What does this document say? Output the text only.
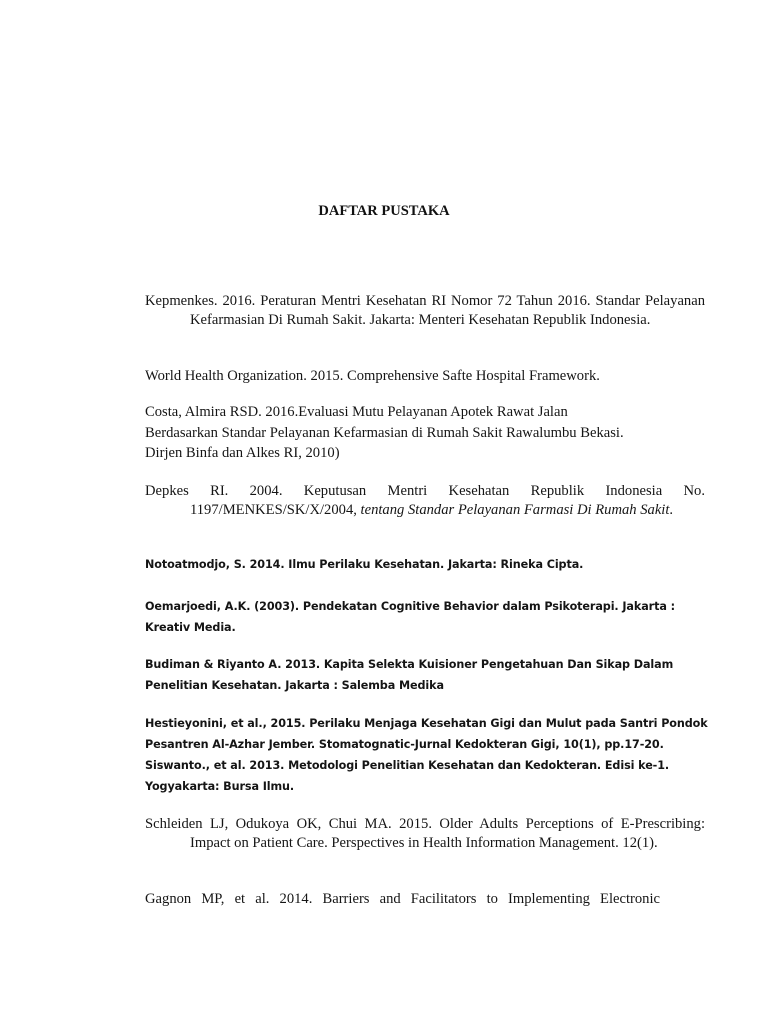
DAFTAR PUSTAKA
Kepmenkes. 2016. Peraturan Mentri Kesehatan RI Nomor 72 Tahun 2016. Standar Pelayanan Kefarmasian Di Rumah Sakit. Jakarta: Menteri Kesehatan Republik Indonesia.
World Health Organization. 2015. Comprehensive Safte Hospital Framework.
Costa, Almira RSD. 2016.Evaluasi Mutu Pelayanan Apotek Rawat Jalan
Berdasarkan Standar Pelayanan Kefarmasian di Rumah Sakit Rawalumbu Bekasi.
Dirjen Binfa dan Alkes RI, 2010)
Depkes RI. 2004. Keputusan Mentri Kesehatan Republik Indonesia No. 1197/MENKES/SK/X/2004, tentang Standar Pelayanan Farmasi Di Rumah Sakit.
Notoatmodjo, S. 2014. Ilmu Perilaku Kesehatan. Jakarta: Rineka Cipta.
Oemarjoedi, A.K. (2003). Pendekatan Cognitive Behavior dalam Psikoterapi. Jakarta :
Kreativ Media.
Budiman & Riyanto A. 2013. Kapita Selekta Kuisioner Pengetahuan Dan Sikap Dalam
Penelitian Kesehatan. Jakarta : Salemba Medika
Hestieyonini, et al., 2015. Perilaku Menjaga Kesehatan Gigi dan Mulut pada Santri Pondok
Pesantren Al-Azhar Jember. Stomatognatic-Jurnal Kedokteran Gigi, 10(1), pp.17-20.
Siswanto., et al. 2013. Metodologi Penelitian Kesehatan dan Kedokteran. Edisi ke-1.
Yogyakarta: Bursa Ilmu.
Schleiden LJ, Odukoya OK, Chui MA. 2015. Older Adults Perceptions of E-Prescribing: Impact on Patient Care. Perspectives in Health Information Management. 12(1).
Gagnon MP, et al. 2014. Barriers and Facilitators to Implementing Electronic
